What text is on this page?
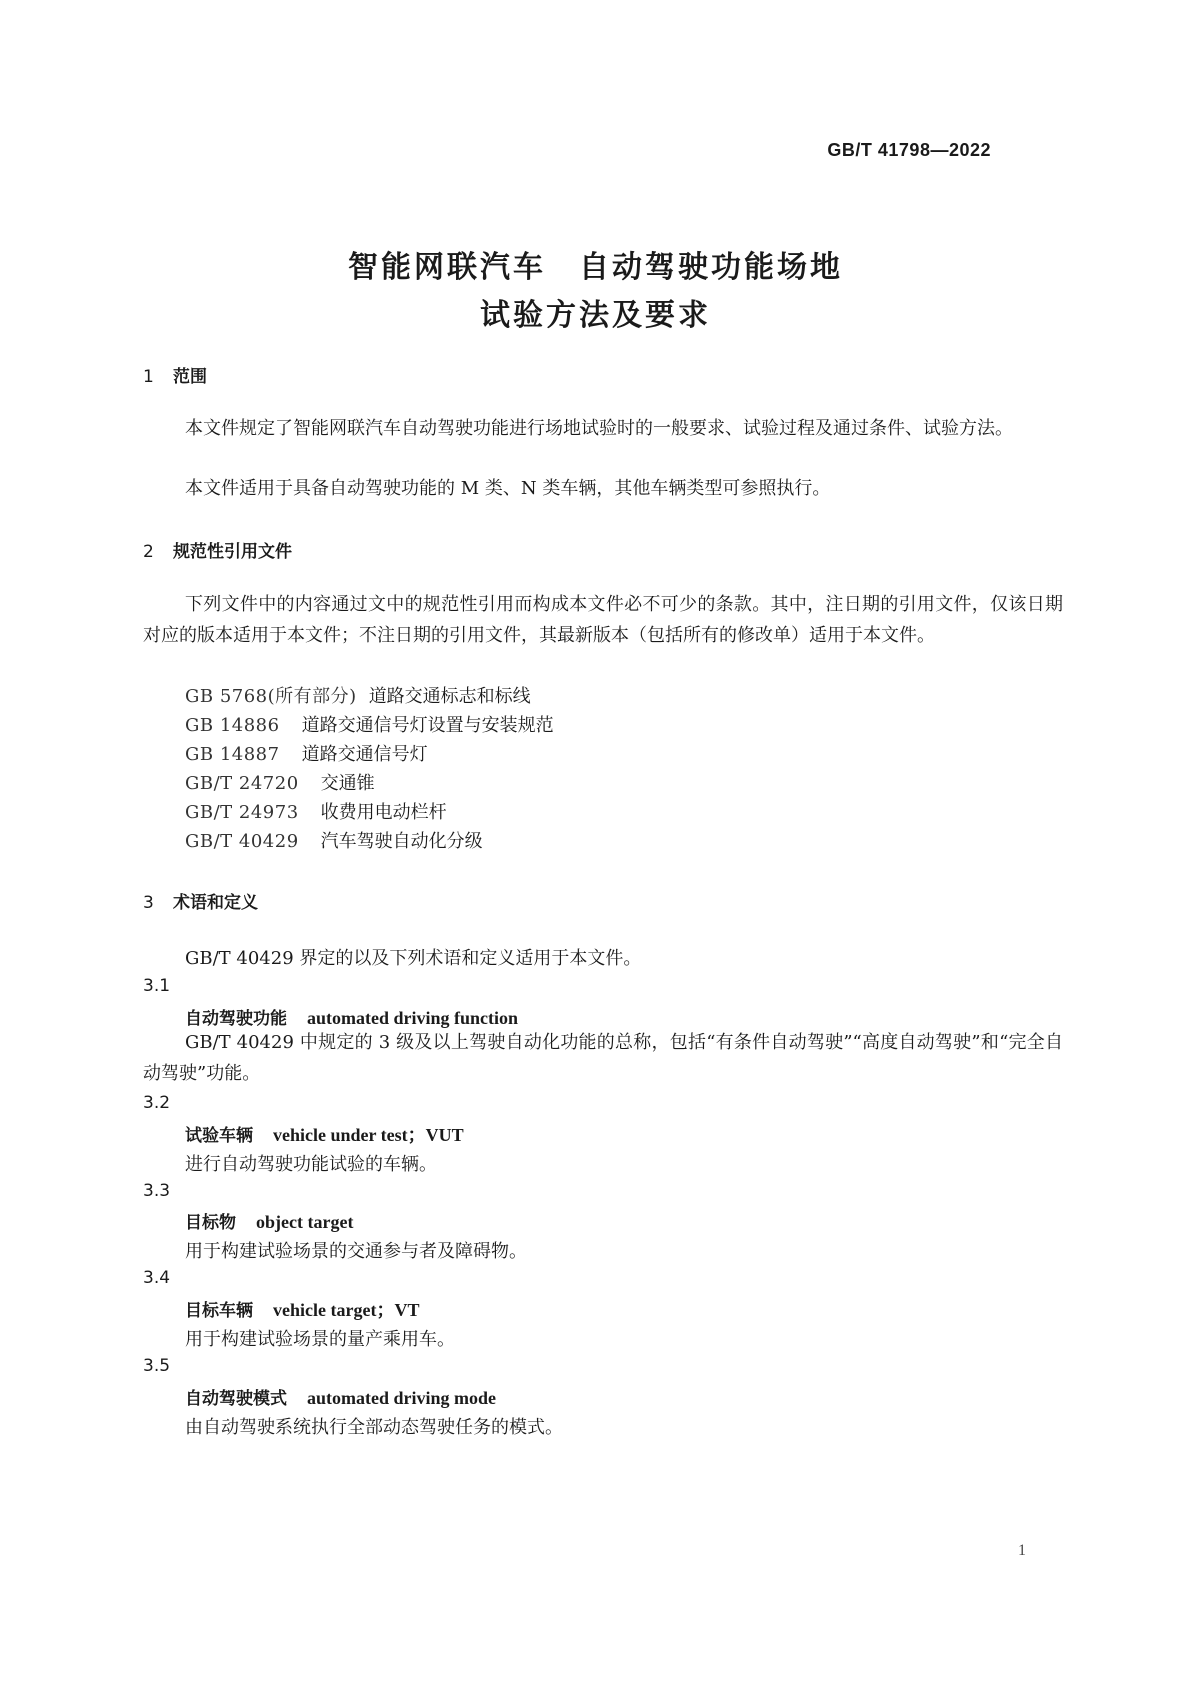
GB/T 41798—2022
智能网联汽车　自动驾驶功能场地
试验方法及要求
1 范围
本文件规定了智能网联汽车自动驾驶功能进行场地试验时的一般要求、试验过程及通过条件、试验方法。
本文件适用于具备自动驾驶功能的 M 类、N 类车辆，其他车辆类型可参照执行。
2 规范性引用文件
下列文件中的内容通过文中的规范性引用而构成本文件必不可少的条款。其中，注日期的引用文件，仅该日期对应的版本适用于本文件；不注日期的引用文件，其最新版本（包括所有的修改单）适用于本文件。
GB 5768(所有部分) 道路交通标志和标线
GB 14886 道路交通信号灯设置与安装规范
GB 14887 道路交通信号灯
GB/T 24720 交通锥
GB/T 24973 收费用电动栏杆
GB/T 40429 汽车驾驶自动化分级
3 术语和定义
GB/T 40429 界定的以及下列术语和定义适用于本文件。
3.1
自动驾驶功能 automated driving function
GB/T 40429 中规定的 3 级及以上驾驶自动化功能的总称，包括“有条件自动驾驶”“高度自动驾驶”和“完全自动驾驶”功能。
3.2
试验车辆 vehicle under test；VUT
进行自动驾驶功能试验的车辆。
3.3
目标物 object target
用于构建试验场景的交通参与者及障碍物。
3.4
目标车辆 vehicle target；VT
用于构建试验场景的量产乘用车。
3.5
自动驾驶模式 automated driving mode
由自动驾驶系统执行全部动态驾驶任务的模式。
1
